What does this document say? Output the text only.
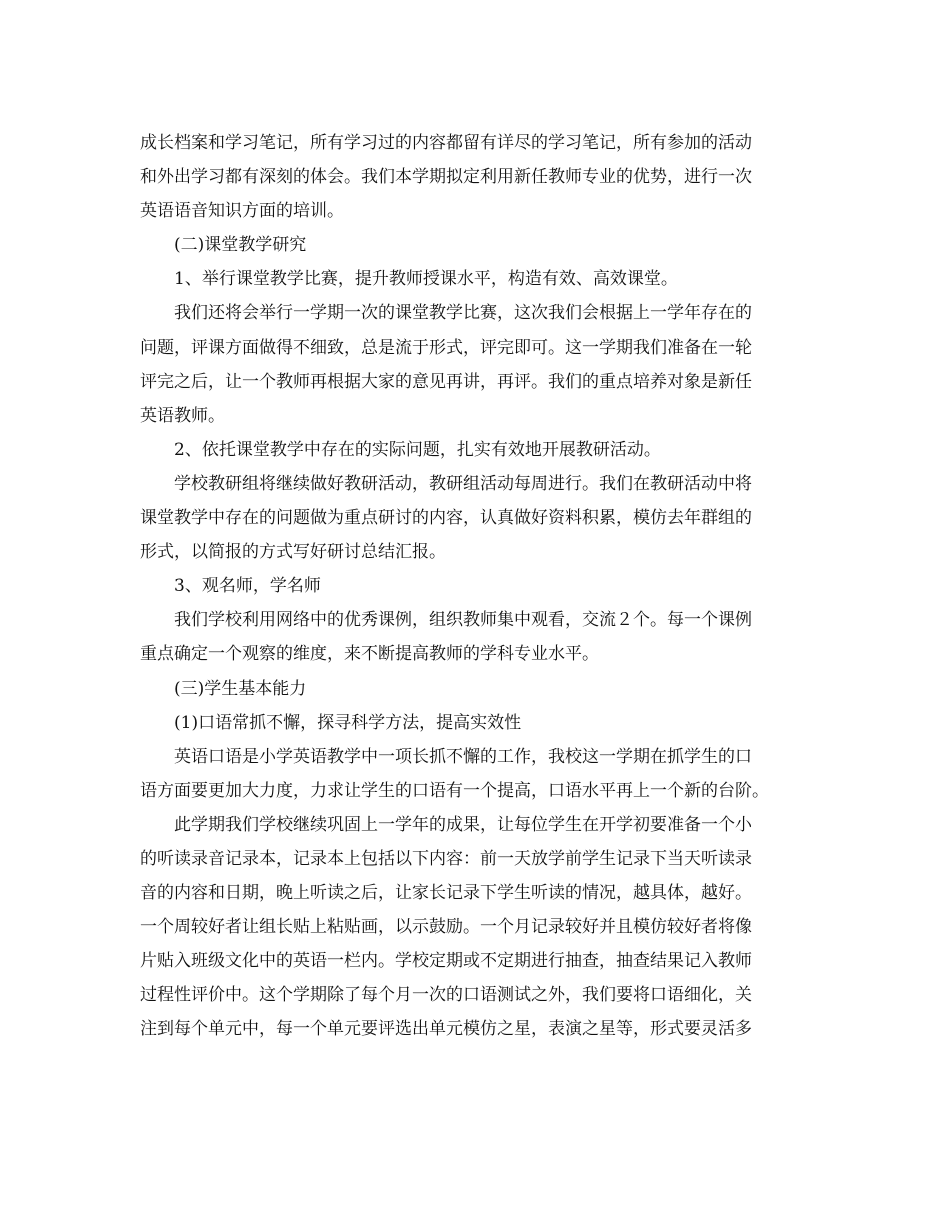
成长档案和学习笔记，所有学习过的内容都留有详尽的学习笔记，所有参加的活动
和外出学习都有深刻的体会。我们本学期拟定利用新任教师专业的优势，进行一次
英语语音知识方面的培训。
(二)课堂教学研究
1、举行课堂教学比赛，提升教师授课水平，构造有效、高效课堂。
我们还将会举行一学期一次的课堂教学比赛，这次我们会根据上一学年存在的
问题，评课方面做得不细致，总是流于形式，评完即可。这一学期我们准备在一轮
评完之后，让一个教师再根据大家的意见再讲，再评。我们的重点培养对象是新任
英语教师。
2、依托课堂教学中存在的实际问题，扎实有效地开展教研活动。
学校教研组将继续做好教研活动，教研组活动每周进行。我们在教研活动中将
课堂教学中存在的问题做为重点研讨的内容，认真做好资料积累，模仿去年群组的
形式，以简报的方式写好研讨总结汇报。
3、观名师，学名师
我们学校利用网络中的优秀课例，组织教师集中观看，交流２个。每一个课例
重点确定一个观察的维度，来不断提高教师的学科专业水平。
(三)学生基本能力
(1)口语常抓不懈，探寻科学方法，提高实效性
英语口语是小学英语教学中一项长抓不懈的工作，我校这一学期在抓学生的口
语方面要更加大力度，力求让学生的口语有一个提高，口语水平再上一个新的台阶。
此学期我们学校继续巩固上一学年的成果，让每位学生在开学初要准备一个小
的听读录音记录本，记录本上包括以下内容：前一天放学前学生记录下当天听读录
音的内容和日期，晚上听读之后，让家长记录下学生听读的情况，越具体，越好。
一个周较好者让组长贴上粘贴画，以示鼓励。一个月记录较好并且模仿较好者将像
片贴入班级文化中的英语一栏内。学校定期或不定期进行抽查，抽查结果记入教师
过程性评价中。这个学期除了每个月一次的口语测试之外，我们要将口语细化，关
注到每个单元中，每一个单元要评选出单元模仿之星，表演之星等，形式要灵活多
